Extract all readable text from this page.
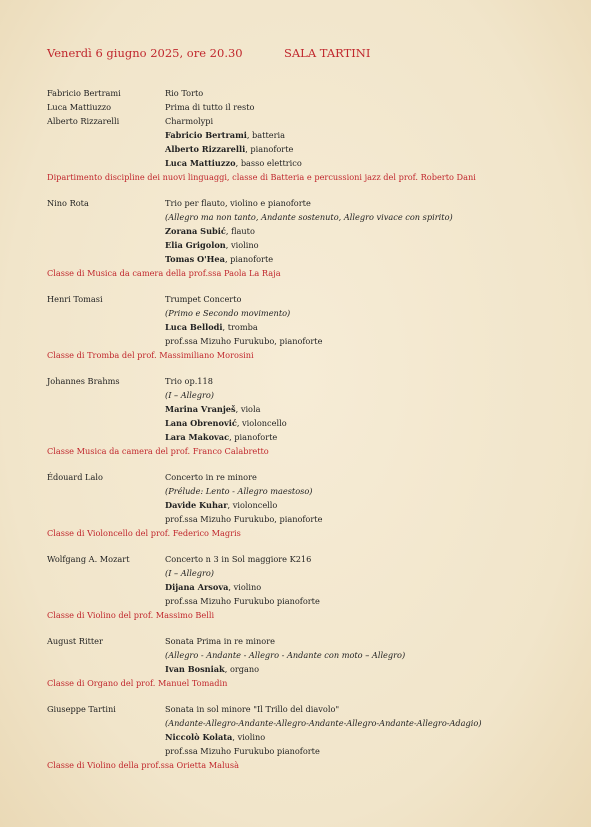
Venerdì 6 giugno 2025, ore 20.30	SALA TARTINI
Fabricio Bertrami	Rio Torto
Luca Mattiuzzo	Prima di tutto il resto
Alberto Rizzarelli	Charmolypi
Fabricio Bertrami, batteria
Alberto Rizzarelli, pianoforte
Luca Mattiuzzo, basso elettrico
Dipartimento discipline dei nuovi linguaggi, classe di Batteria e percussioni jazz del prof. Roberto Dani
Nino Rota	Trio per flauto, violino e pianoforte
(Allegro ma non tanto, Andante sostenuto, Allegro vivace con spirito)
Zorana Subić, flauto
Elia Grigolon, violino
Tomas O'Hea, pianoforte
Classe di Musica da camera della prof.ssa Paola La Raja
Henri Tomasi	Trumpet Concerto
(Primo e Secondo movimento)
Luca Bellodi, tromba
prof.ssa Mizuho Furukubo, pianoforte
Classe di Tromba del prof. Massimiliano Morosini
Johannes Brahms	Trio op.118
(I – Allegro)
Marina Vranješ, viola
Lana Obrenović, violoncello
Lara Makovac, pianoforte
Classe Musica da camera del prof. Franco Calabretto
Édouard Lalo	Concerto in re minore
(Prélude: Lento - Allegro maestoso)
Davide Kuhar, violoncello
prof.ssa Mizuho Furukubo, pianoforte
Classe di Violoncello del prof. Federico Magris
Wolfgang A. Mozart	Concerto n 3 in Sol maggiore K216
(I – Allegro)
Dijana Arsova, violino
prof.ssa Mizuho Furukubo pianoforte
Classe di Violino del prof. Massimo Belli
August Ritter	Sonata Prima in re minore
(Allegro - Andante - Allegro - Andante con moto – Allegro)
Ivan Bosniak, organo
Classe di Organo del prof. Manuel Tomadin
Giuseppe Tartini	Sonata in sol minore "Il Trillo del diavolo"
(Andante-Allegro-Andante-Allegro-Andante-Allegro-Andante-Allegro-Adagio)
Niccolò Kolata, violino
prof.ssa Mizuho Furukubo pianoforte
Classe di Violino della prof.ssa Orietta Malusà
